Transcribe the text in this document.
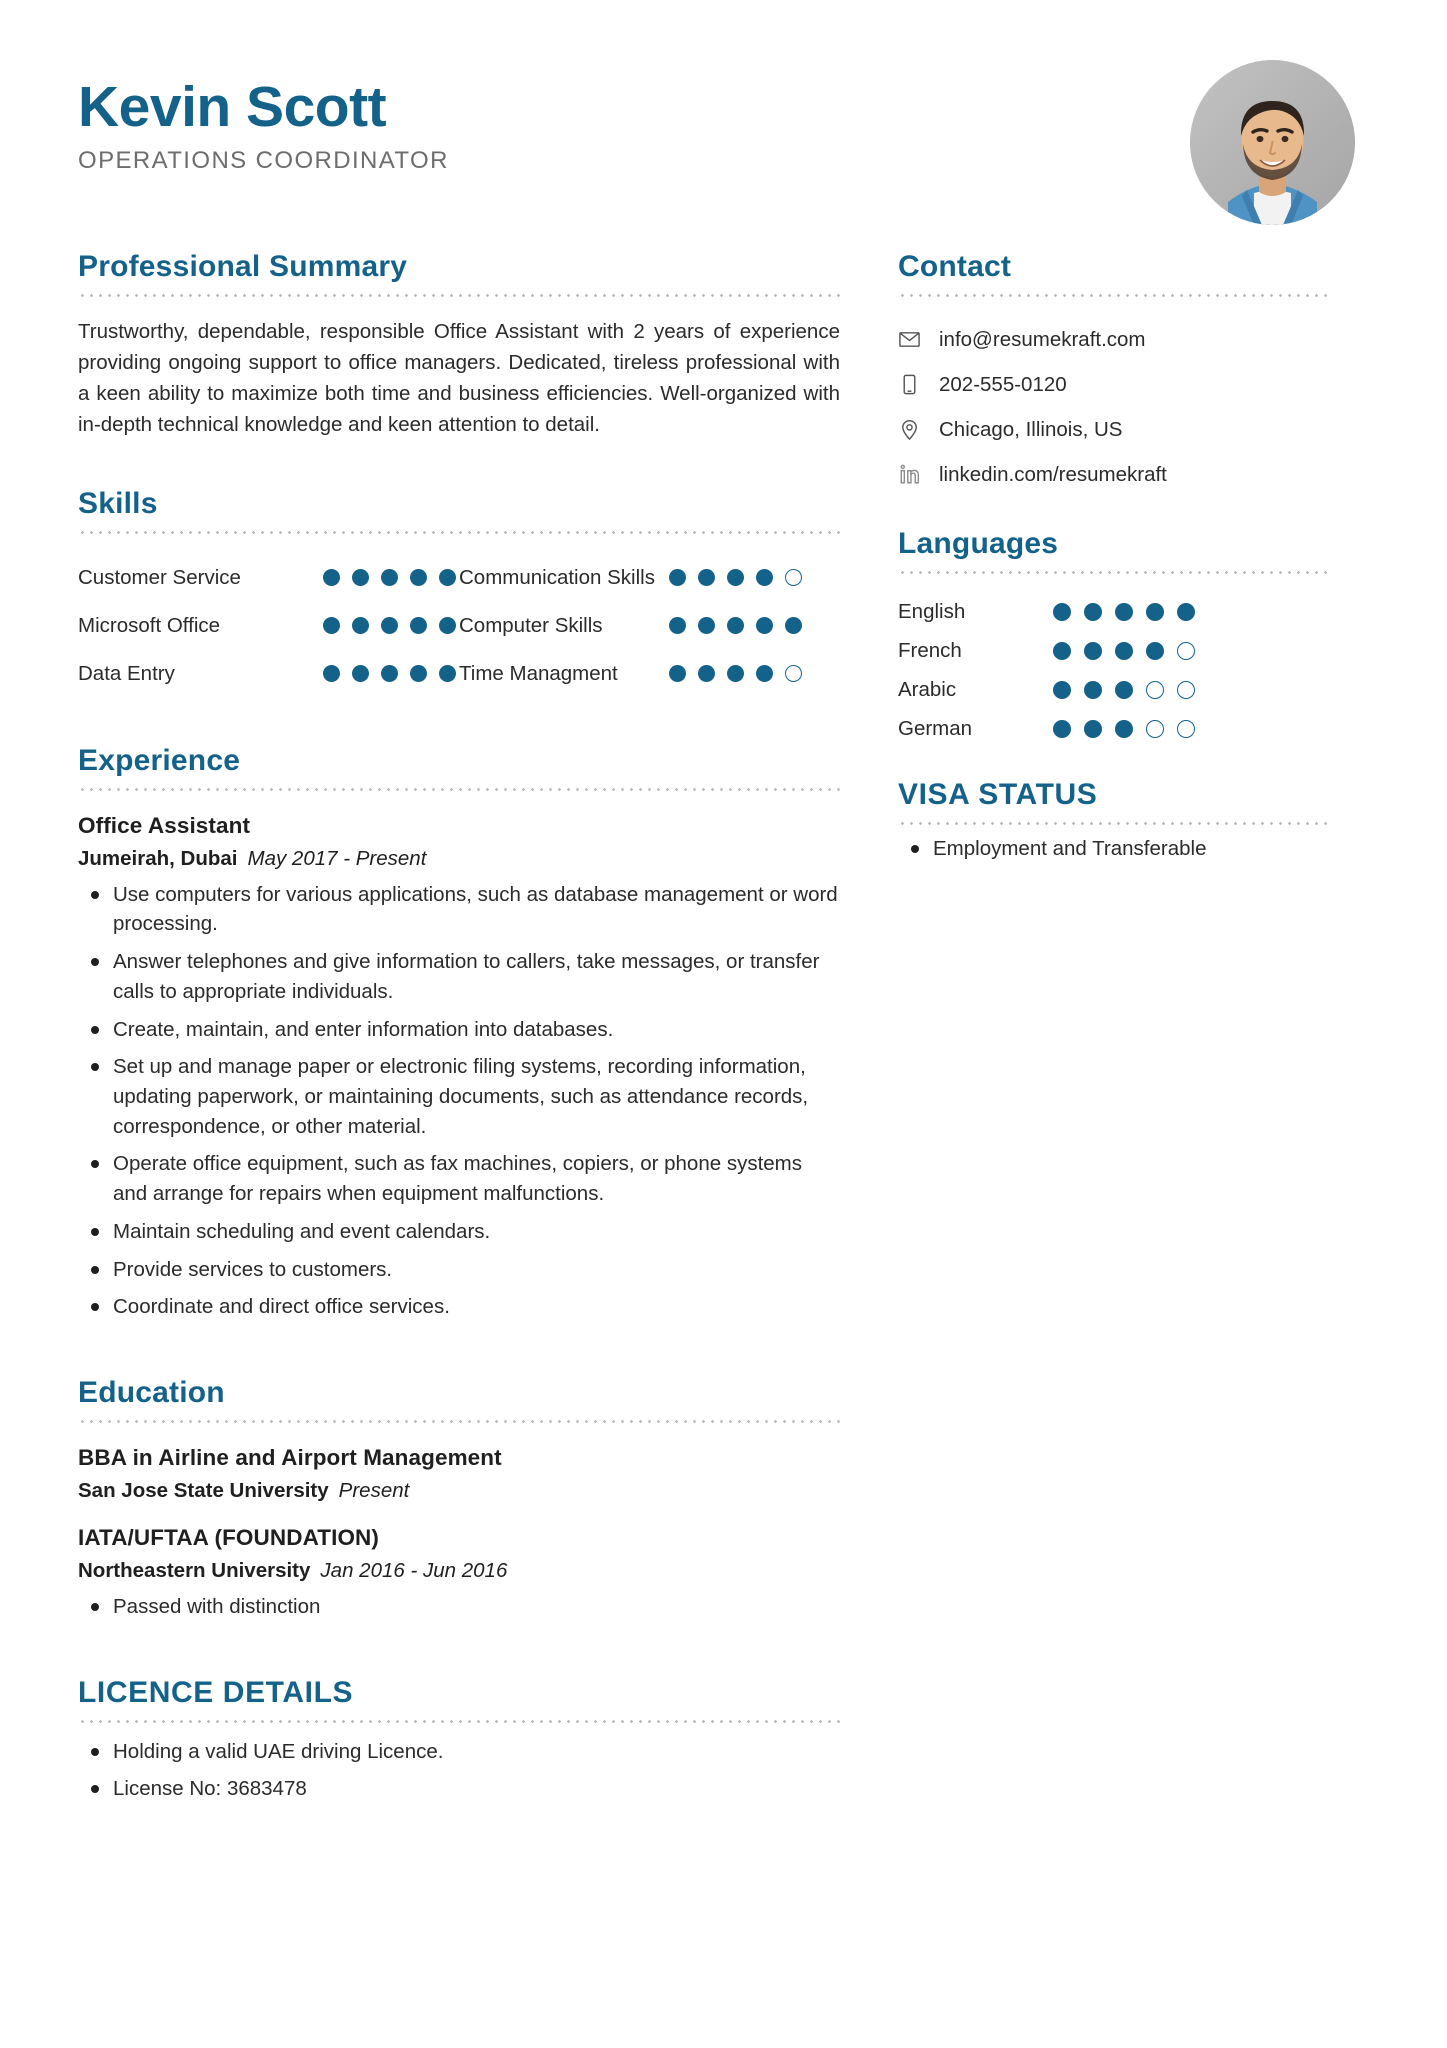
Kevin Scott
OPERATIONS COORDINATOR
Professional Summary

Trustworthy, dependable, responsible Office Assistant with 2 years of experience providing ongoing support to office managers. Dedicated, tireless professional with a keen ability to maximize both time and business efficiencies. Well-organized with in-depth technical knowledge and keen attention to detail.

Skills
Customer Service
Microsoft Office
Data Entry
Communication Skills
Computer Skills
Time Managment
Experience
Office Assistant
Jumeirah, Dubai May 2017 - Present
Use computers for various applications, such as database management or word processing.
Answer telephones and give information to callers, take messages, or transfer calls to appropriate individuals.
Create, maintain, and enter information into databases.
Set up and manage paper or electronic filing systems, recording information, updating paperwork, or maintaining documents, such as attendance records, correspondence, or other material.
Operate office equipment, such as fax machines, copiers, or phone systems and arrange for repairs when equipment malfunctions.
Maintain scheduling and event calendars.
Provide services to customers.
Coordinate and direct office services.
Education
BBA in Airline and Airport Management
San Jose State University Present
IATA/UFTAA (FOUNDATION)
Northeastern University Jan 2016 - Jun 2016
Passed with distinction
LICENCE DETAILS
Holding a valid UAE driving Licence.
License No: 3683478
Contact
info@resumekraft.com
202-555-0120
Chicago, Illinois, US
linkedin.com/resumekraft
Languages
English
French
Arabic
German
VISA STATUS
Employment and Transferable
